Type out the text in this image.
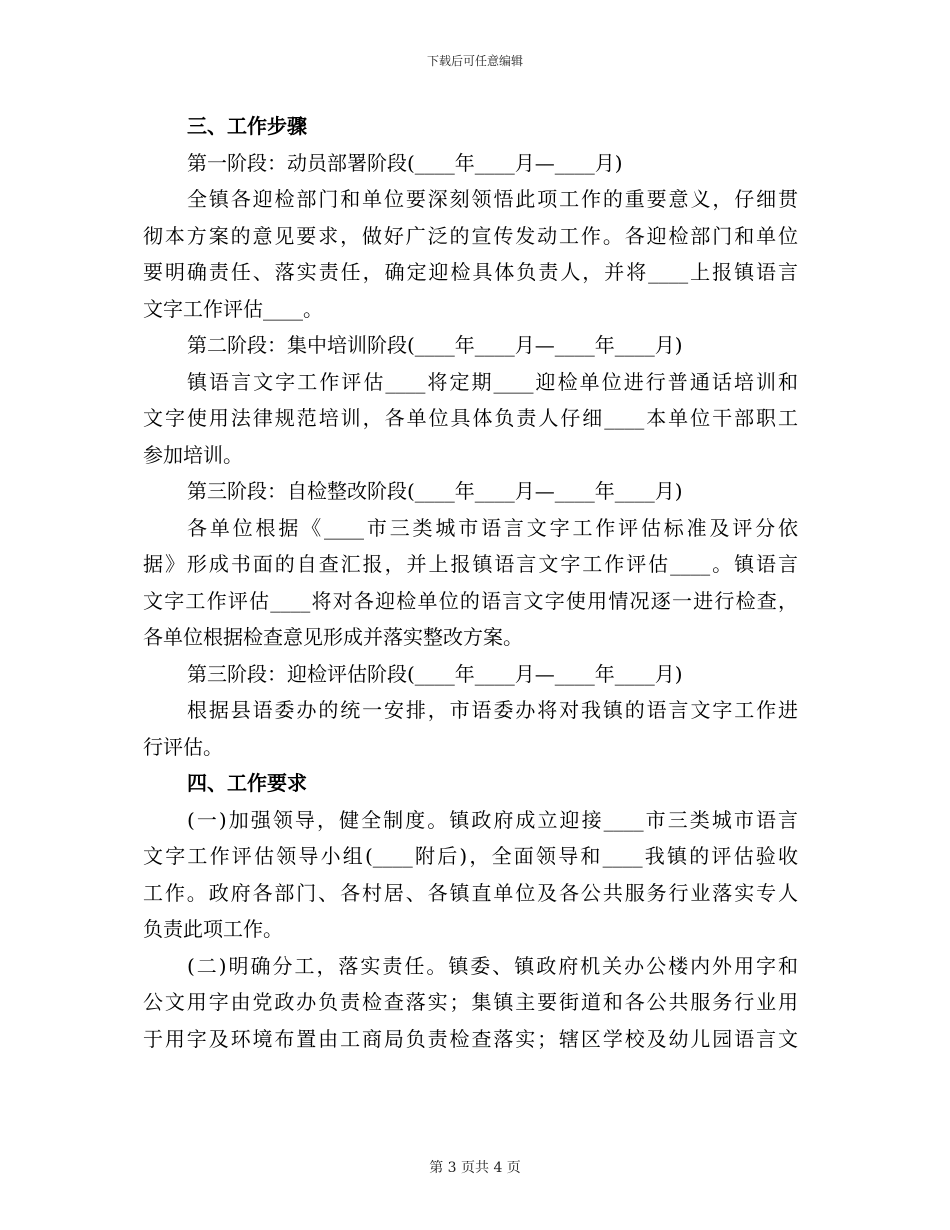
下载后可任意编辑
三、工作步骤
第一阶段：动员部署阶段(____年____月—____月)
全镇各迎检部门和单位要深刻领悟此项工作的重要意义，仔细贯
彻本方案的意见要求，做好广泛的宣传发动工作。各迎检部门和单位
要明确责任、落实责任，确定迎检具体负责人，并将____上报镇语言
文字工作评估____。
第二阶段：集中培训阶段(____年____月—____年____月)
镇语言文字工作评估____将定期____迎检单位进行普通话培训和
文字使用法律规范培训，各单位具体负责人仔细____本单位干部职工
参加培训。
第三阶段：自检整改阶段(____年____月—____年____月)
各单位根据《____市三类城市语言文字工作评估标准及评分依
据》形成书面的自查汇报，并上报镇语言文字工作评估____。镇语言
文字工作评估____将对各迎检单位的语言文字使用情况逐一进行检查，
各单位根据检查意见形成并落实整改方案。
第三阶段：迎检评估阶段(____年____月—____年____月)
根据县语委办的统一安排，市语委办将对我镇的语言文字工作进
行评估。
四、工作要求
(一)加强领导，健全制度。镇政府成立迎接____市三类城市语言
文字工作评估领导小组(____附后)，全面领导和____我镇的评估验收
工作。政府各部门、各村居、各镇直单位及各公共服务行业落实专人
负责此项工作。
(二)明确分工，落实责任。镇委、镇政府机关办公楼内外用字和
公文用字由党政办负责检查落实；集镇主要街道和各公共服务行业用
于用字及环境布置由工商局负责检查落实；辖区学校及幼儿园语言文
第 3 页共 4 页
